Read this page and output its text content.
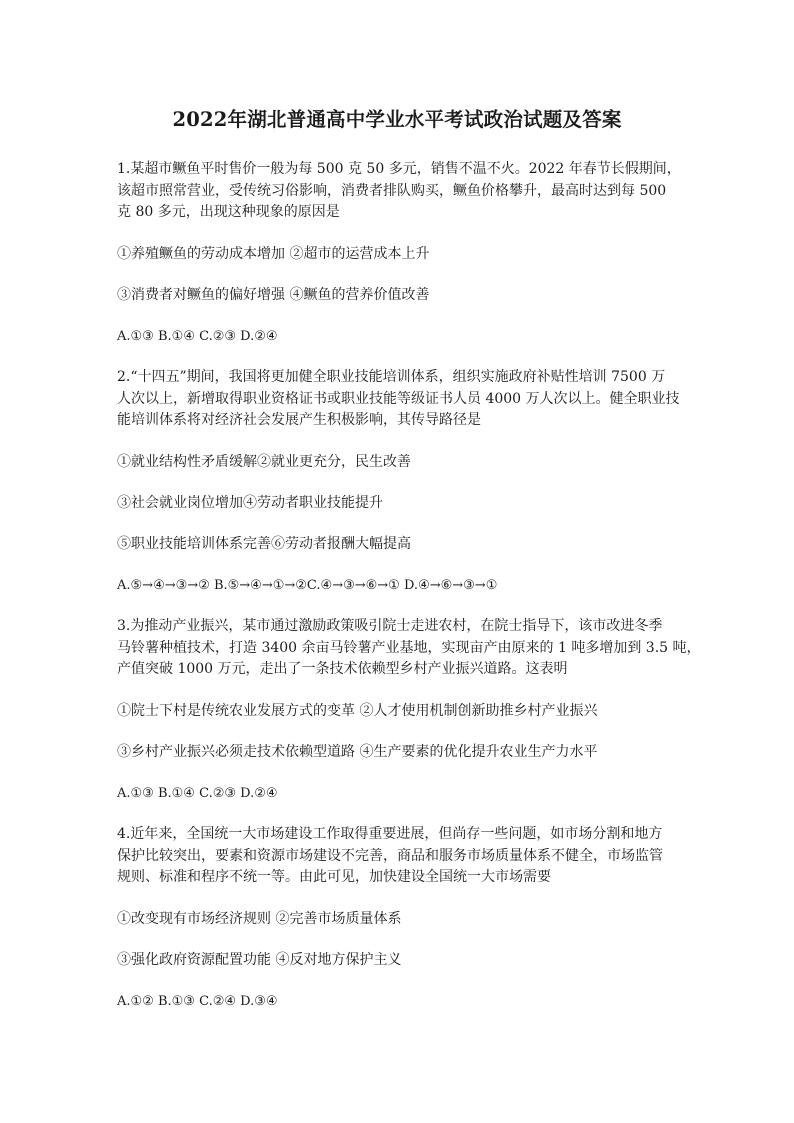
2022年湖北普通高中学业水平考试政治试题及答案
1.某超市鳜鱼平时售价一般为每 500 克 50 多元，销售不温不火。2022 年春节长假期间，
该超市照常营业，受传统习俗影响，消费者排队购买，鳜鱼价格攀升，最高时达到每 500
克 80 多元，出现这种现象的原因是
①养殖鳜鱼的劳动成本增加 ②超市的运营成本上升
③消费者对鳜鱼的偏好增强 ④鳜鱼的营养价值改善
A.①③ B.①④ C.②③ D.②④
2.“十四五”期间，我国将更加健全职业技能培训体系，组织实施政府补贴性培训 7500 万
人次以上，新增取得职业资格证书或职业技能等级证书人员 4000 万人次以上。健全职业技
能培训体系将对经济社会发展产生积极影响，其传导路径是
①就业结构性矛盾缓解②就业更充分，民生改善
③社会就业岗位增加④劳动者职业技能提升
⑤职业技能培训体系完善⑥劳动者报酬大幅提高
A.⑤→④→③→② B.⑤→④→①→②C.④→③→⑥→① D.④→⑥→③→①
3.为推动产业振兴，某市通过激励政策吸引院士走进农村，在院士指导下，该市改进冬季
马铃薯种植技术，打造 3400 余亩马铃薯产业基地，实现亩产由原来的 1 吨多增加到 3.5 吨，
产值突破 1000 万元，走出了一条技术依赖型乡村产业振兴道路。这表明
①院士下村是传统农业发展方式的变革 ②人才使用机制创新助推乡村产业振兴
③乡村产业振兴必须走技术依赖型道路 ④生产要素的优化提升农业生产力水平
A.①③ B.①④ C.②③ D.②④
4.近年来，全国统一大市场建设工作取得重要进展，但尚存一些问题，如市场分割和地方
保护比较突出，要素和资源市场建设不完善，商品和服务市场质量体系不健全，市场监管
规则、标准和程序不统一等。由此可见，加快建设全国统一大市场需要
①改变现有市场经济规则 ②完善市场质量体系
③强化政府资源配置功能 ④反对地方保护主义
A.①② B.①③ C.②④ D.③④
